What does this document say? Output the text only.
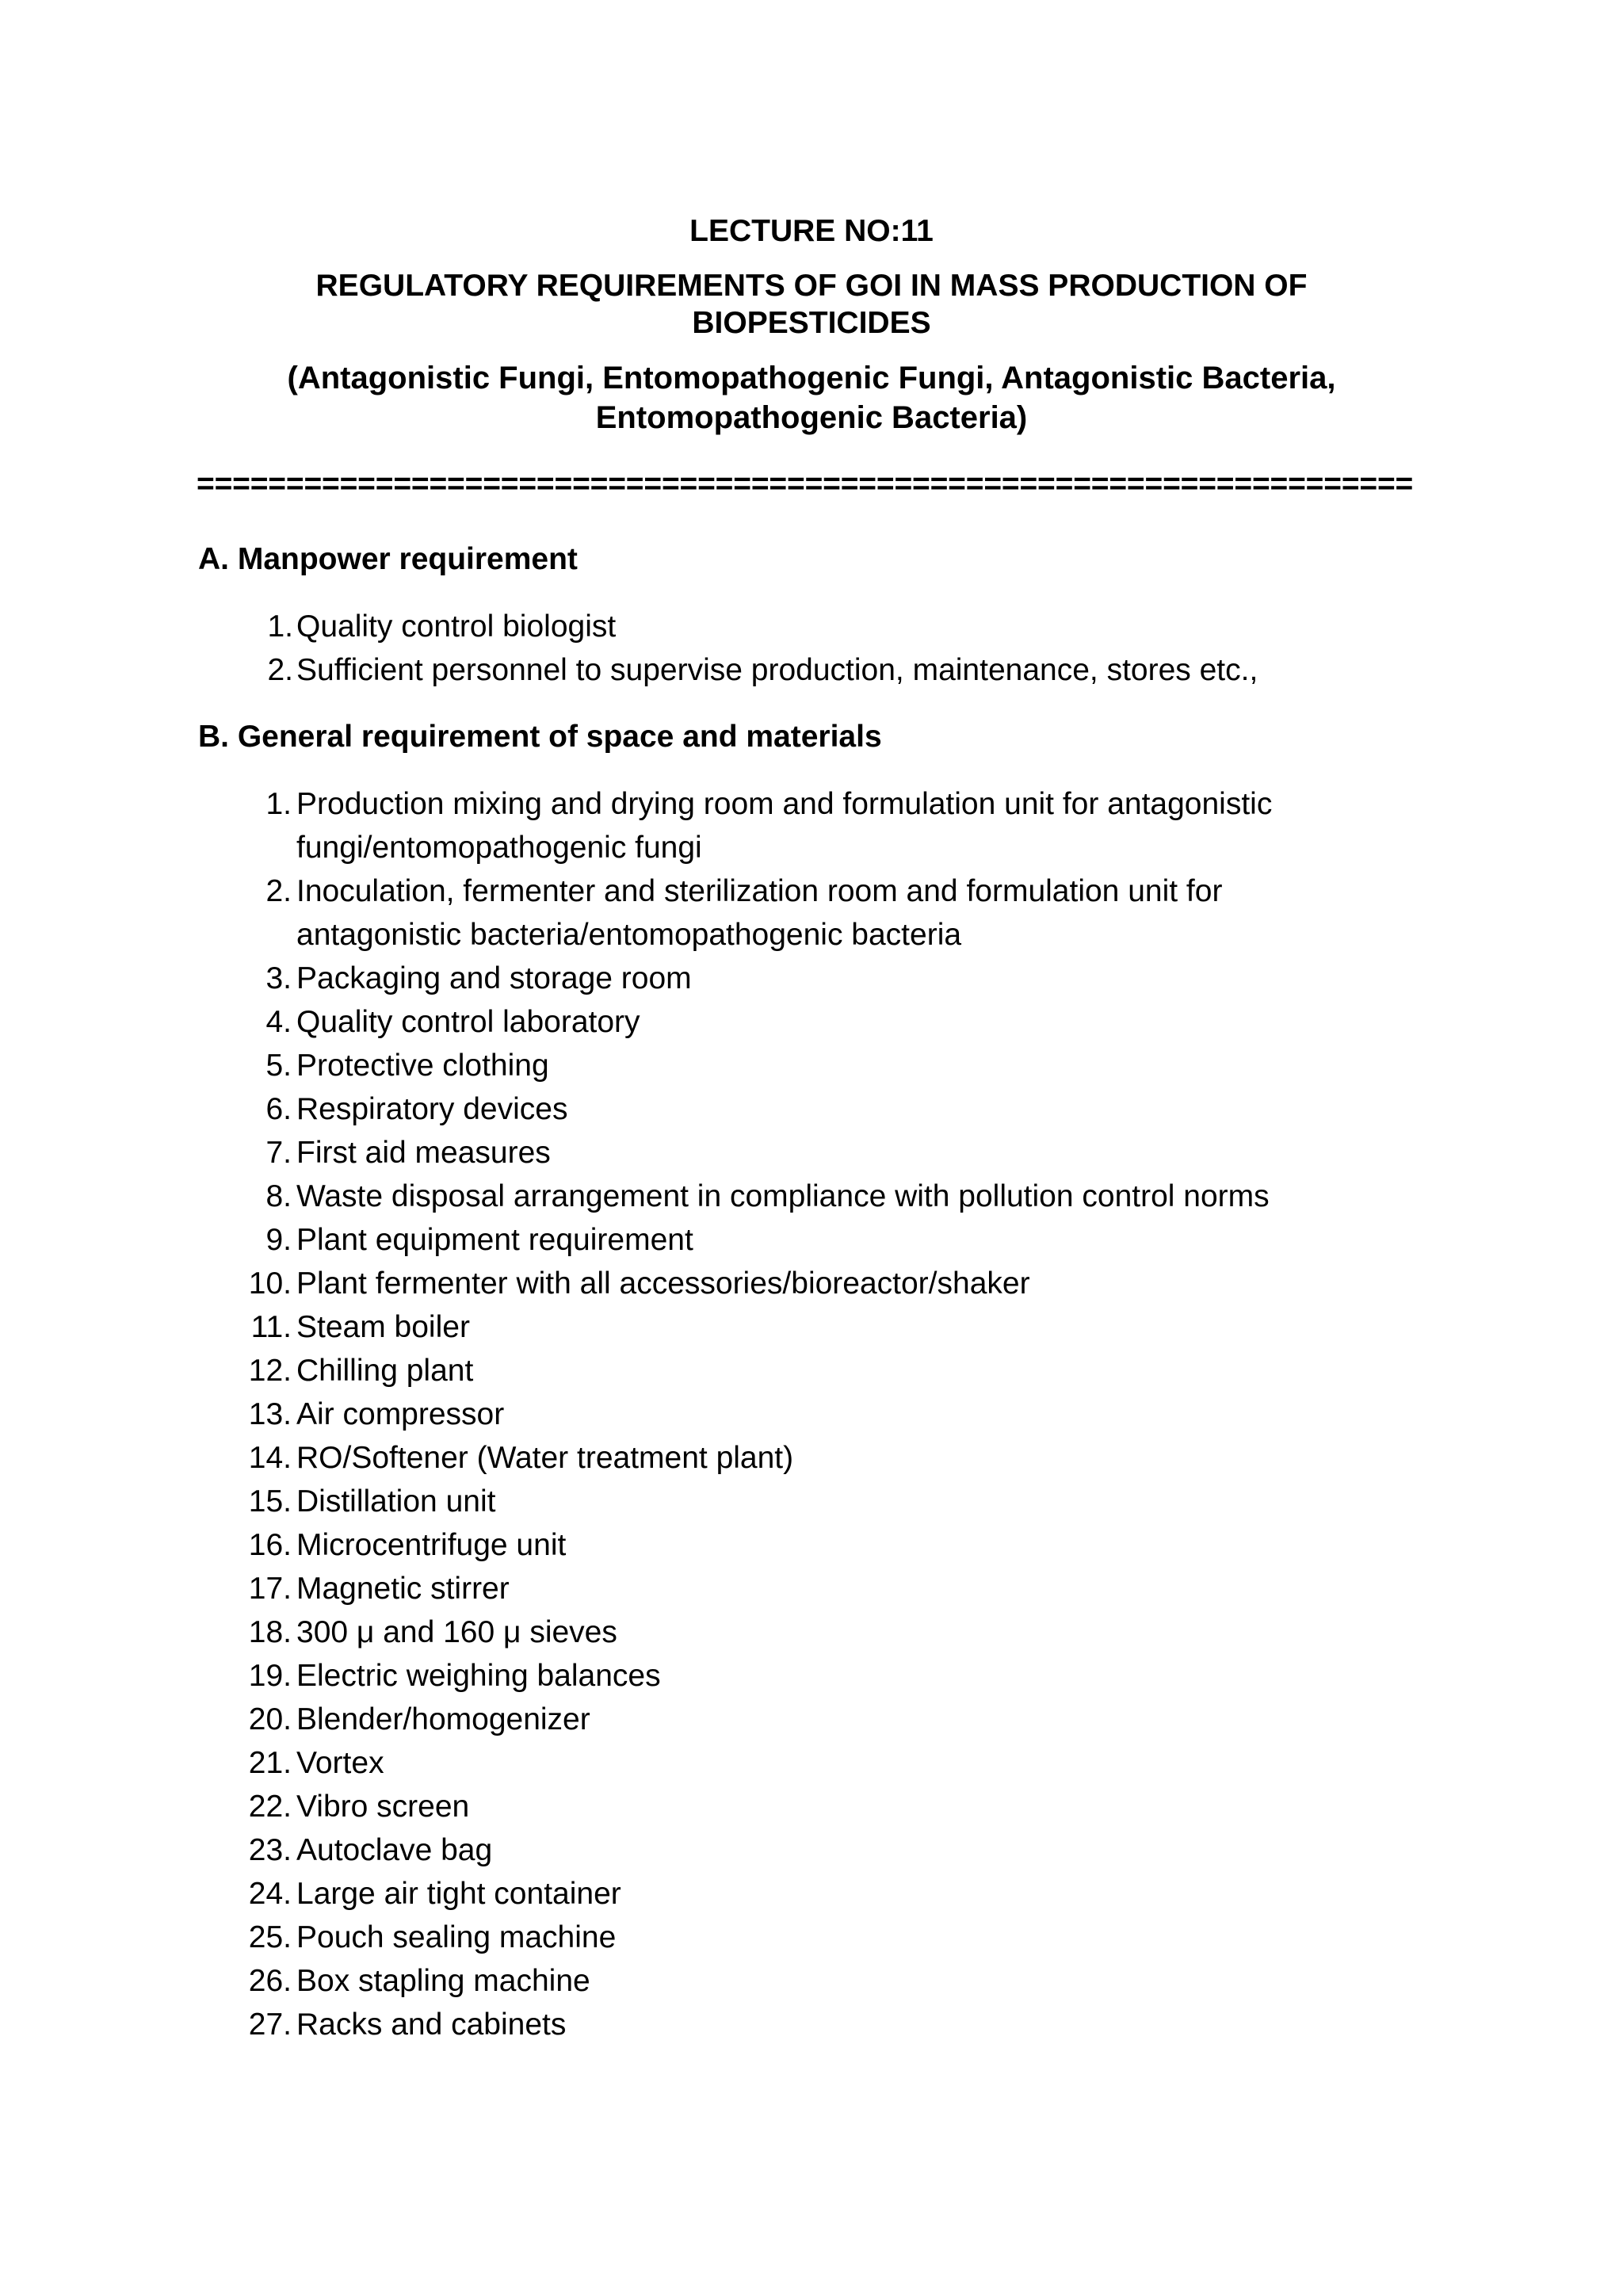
LECTURE NO:11
REGULATORY REQUIREMENTS OF GOI IN MASS PRODUCTION OF
BIOPESTICIDES
(Antagonistic Fungi, Entomopathogenic Fungi, Antagonistic Bacteria,
Entomopathogenic Bacteria)
====================================================================
A. Manpower requirement
1. Quality control biologist
2. Sufficient personnel to supervise production, maintenance, stores etc.,
B. General requirement of space and materials
1. Production mixing and drying room and formulation unit for antagonistic
fungi/entomopathogenic fungi
2. Inoculation, fermenter and sterilization room and formulation unit for
antagonistic bacteria/entomopathogenic bacteria
3. Packaging and storage room
4. Quality control laboratory
5. Protective clothing
6. Respiratory devices
7. First aid measures
8. Waste disposal arrangement in compliance with pollution control norms
9. Plant equipment requirement
10. Plant fermenter with all accessories/bioreactor/shaker
11. Steam boiler
12. Chilling plant
13. Air compressor
14. RO/Softener (Water treatment plant)
15. Distillation unit
16. Microcentrifuge unit
17. Magnetic stirrer
18. 300 μ and 160 μ sieves
19. Electric weighing balances
20. Blender/homogenizer
21. Vortex
22. Vibro screen
23. Autoclave bag
24. Large air tight container
25. Pouch sealing machine
26. Box stapling machine
27. Racks and cabinets
